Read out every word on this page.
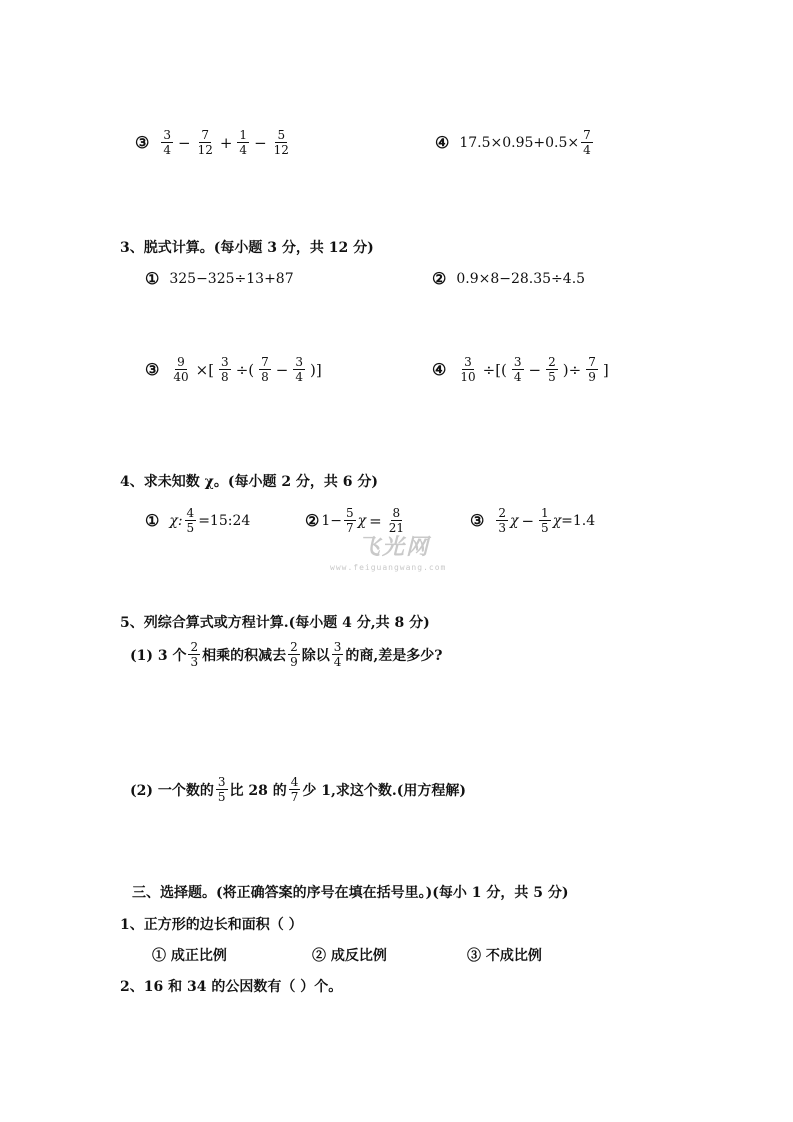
③ $\frac{3}{4} - \frac{7}{12} + \frac{1}{4} - \frac{5}{12}$	④ $17.5\times 0.95+0.5\times \frac{7}{4}$
3、脱式计算。(每小题 3 分，共 12 分)
① 325−325÷13+87	② 0.9×8−28.35÷4.5
③ $\frac{9}{40}$ ×[ $\frac{3}{8}$ ÷( $\frac{7}{8} - \frac{3}{4}$ )]	④ $\frac{3}{10}$ ÷[( $\frac{3}{4} - \frac{2}{5}$ )÷ $\frac{7}{9}$ ]
4、求未知数 χ。(每小题 2 分，共 6 分)
① χ: $\frac{4}{5}$ =15:24	② $1- \frac{5}{7}$ $\chi = \frac{8}{21}$	③ $\frac{2}{3}$ $\chi - \frac{1}{5}$ χ =1.4
飞光网
www.feiguangwang.com
5、列综合算式或方程计算.(每小题 4 分,共 8 分)
(1) 3 个 $\frac{2}{3}$ 相乘的积减去 $\frac{2}{9}$ 除以 $\frac{3}{4}$ 的商,差是多少?
(2) 一个数的 $\frac{3}{5}$ 比 28 的 $\frac{4}{7}$ 少 1,求这个数.(用方程解)
三、选择题。(将正确答案的序号在填在括号里。)(每小 1 分，共 5 分)
1、正方形的边长和面积（ ）
① 成正比例	② 成反比例	③ 不成比例
2、16 和 34 的公因数有（ ）个。
